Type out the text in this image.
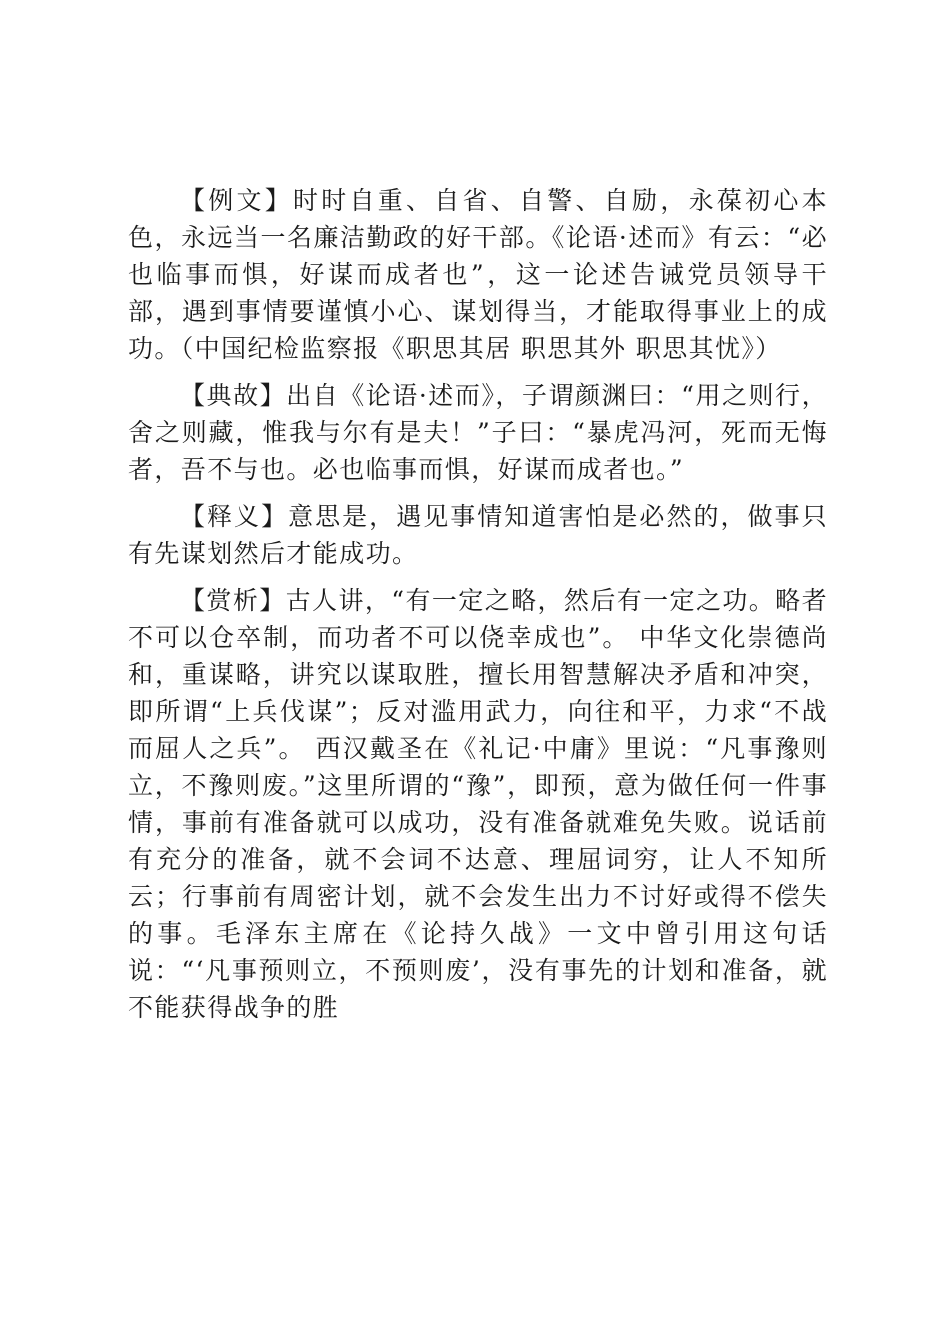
【例文】时时自重、自省、自警、自励，永葆初心本色，永远当一名廉洁勤政的好干部。《论语·述而》有云：“必也临事而惧，好谋而成者也”，这一论述告诫党员领导干部，遇到事情要谨慎小心、谋划得当，才能取得事业上的成功。（中国纪检监察报《职思其居 职思其外 职思其忧》）

【典故】出自《论语·述而》，子谓颜渊曰：“用之则行，舍之则藏，惟我与尔有是夫！”子曰：“暴虎冯河，死而无悔者，吾不与也。必也临事而惧，好谋而成者也。”

【释义】意思是，遇见事情知道害怕是必然的，做事只有先谋划然后才能成功。

【赏析】古人讲，“有一定之略，然后有一定之功。略者不可以仓卒制，而功者不可以侥幸成也”。 中华文化崇德尚和，重谋略，讲究以谋取胜，擅长用智慧解决矛盾和冲突，即所谓“上兵伐谋”；反对滥用武力，向往和平，力求“不战而屈人之兵”。 西汉戴圣在《礼记·中庸》里说：“凡事豫则立，不豫则废。”这里所谓的“豫”，即预，意为做任何一件事情，事前有准备就可以成功，没有准备就难免失败。说话前有充分的准备，就不会词不达意、理屈词穷，让人不知所云；行事前有周密计划，就不会发生出力不讨好或得不偿失的事。毛泽东主席在《论持久战》一文中曾引用这句话说：“‘凡事预则立，不预则废’，没有事先的计划和准备，就不能获得战争的胜
